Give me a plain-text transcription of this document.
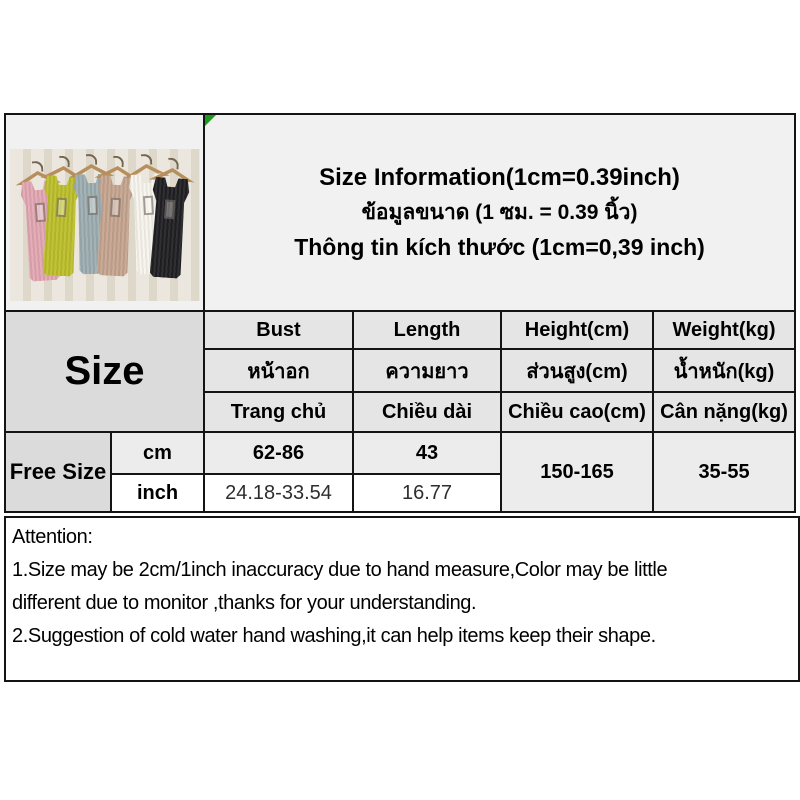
		Size Information(1cm=0.39inch)
ข้อมูลขนาด (1 ซม. = 0.39 นิ้ว)
Thông tin kích thước (1cm=0,39 inch)			

Size		Bust	Length	Height(cm)	Weight(kg)
		หน้าอก	ความยาว	ส่วนสูง(cm)	น้ำหนัก(kg)
		Trang chủ	Chiều dài	Chiều cao(cm)	Cân nặng(kg)
Free Size	cm	62-86	43	150-165	35-55
	inch	24.18-33.54	16.77		
Attention:
1.Size may be 2cm/1inch inaccuracy due to hand measure,Color may be little
different due to monitor ,thanks for your understanding.
2.Suggestion of cold water hand washing,it can help items keep their shape.
